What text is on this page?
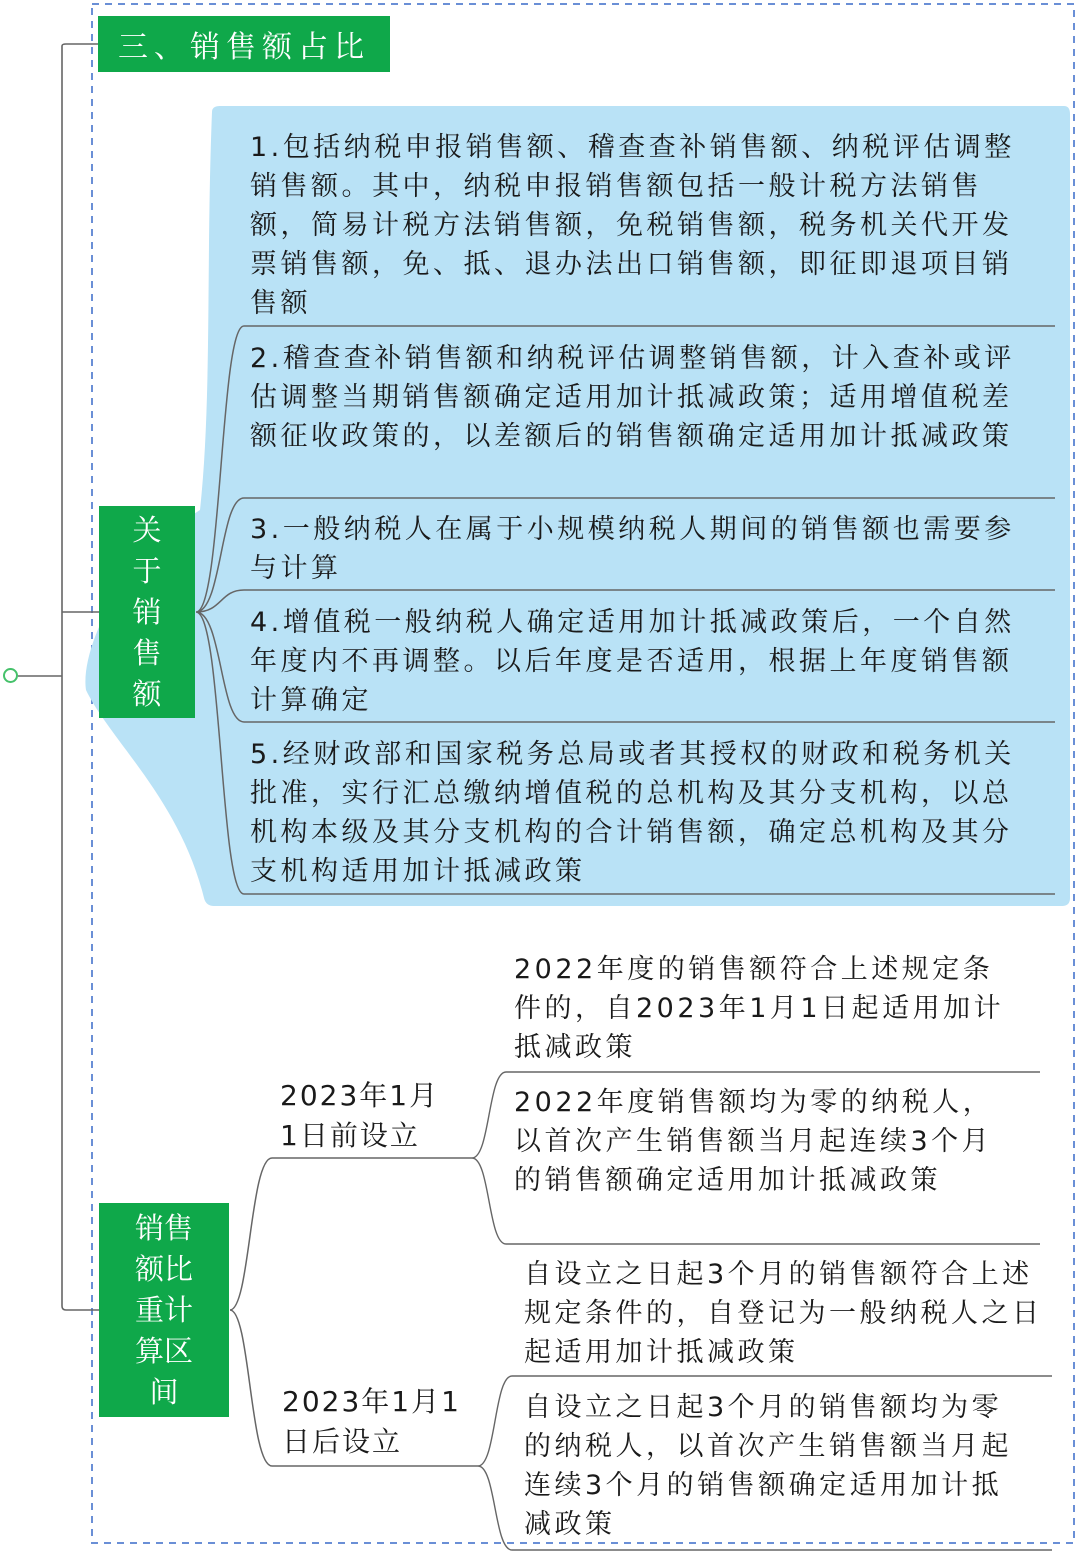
三、销售额占比
关于销售额
1.包括纳税申报销售额、稽查查补销售额、纳税评估调整销售额。其中，纳税申报销售额包括一般计税方法销售额，简易计税方法销售额，免税销售额，税务机关代开发票销售额，免、抵、退办法出口销售额，即征即退项目销售额
2.稽查查补销售额和纳税评估调整销售额，计入查补或评估调整当期销售额确定适用加计抵减政策；适用增值税差额征收政策的，以差额后的销售额确定适用加计抵减政策
3.一般纳税人在属于小规模纳税人期间的销售额也需要参与计算
4.增值税一般纳税人确定适用加计抵减政策后，一个自然年度内不再调整。以后年度是否适用，根据上年度销售额计算确定
5.经财政部和国家税务总局或者其授权的财政和税务机关批准，实行汇总缴纳增值税的总机构及其分支机构，以总机构本级及其分支机构的合计销售额，确定总机构及其分支机构适用加计抵减政策
销售额比重计算区间
2023年1月1日前设立
2023年1月1日后设立
2022年度的销售额符合上述规定条件的，自2023年1月1日起适用加计抵减政策
2022年度销售额均为零的纳税人，以首次产生销售额当月起连续3个月的销售额确定适用加计抵减政策
自设立之日起3个月的销售额符合上述规定条件的，自登记为一般纳税人之日起适用加计抵减政策
自设立之日起3个月的销售额均为零的纳税人，以首次产生销售额当月起连续3个月的销售额确定适用加计抵减政策
